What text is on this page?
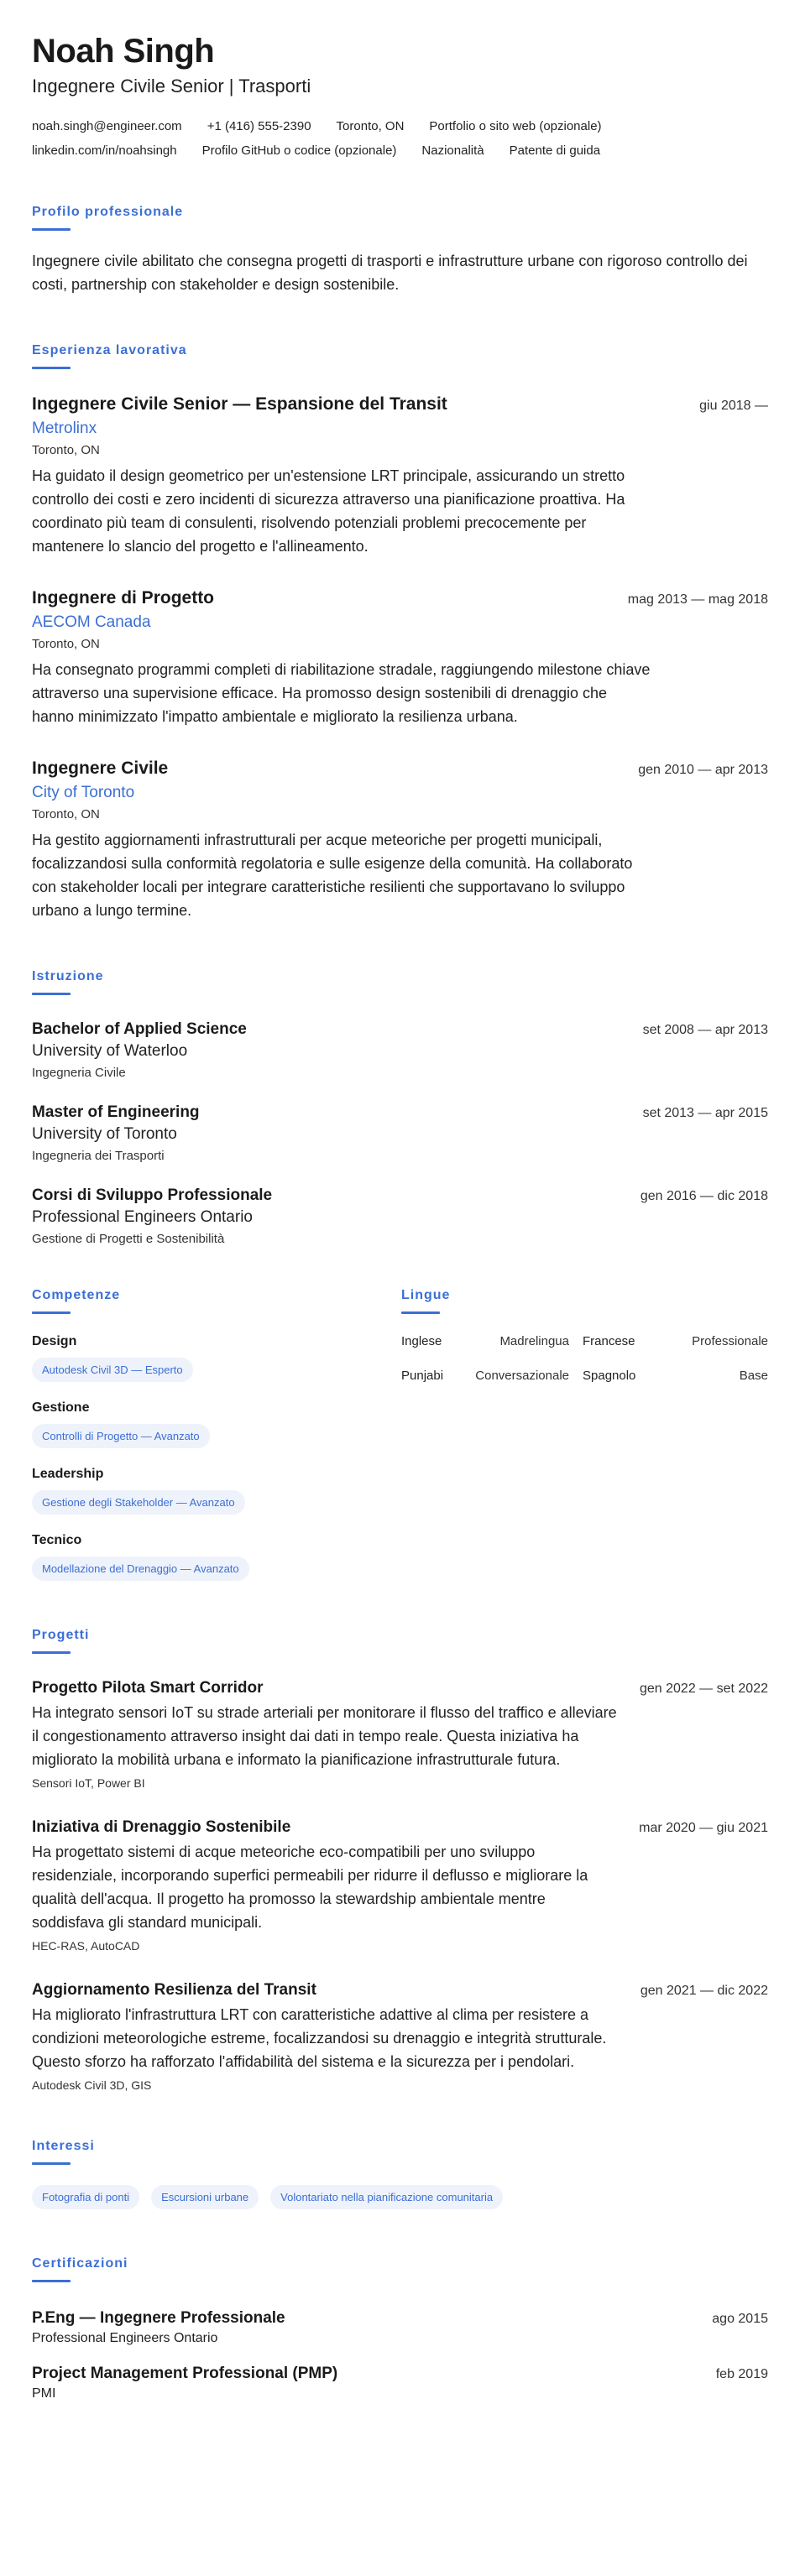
Noah Singh
Ingegnere Civile Senior | Trasporti
noah.singh@engineer.com +1 (416) 555-2390 Toronto, ON Portfolio o sito web (opzionale)
linkedin.com/in/noahsingh Profilo GitHub o codice (opzionale) Nazionalità Patente di guida
Profilo professionale
Ingegnere civile abilitato che consegna progetti di trasporti e infrastrutture urbane con rigoroso controllo dei costi, partnership con stakeholder e design sostenibile.
Esperienza lavorativa
Ingegnere Civile Senior — Espansione del Transit	giu 2018 —
Metrolinx
Toronto, ON
Ha guidato il design geometrico per un'estensione LRT principale, assicurando un stretto controllo dei costi e zero incidenti di sicurezza attraverso una pianificazione proattiva. Ha coordinato più team di consulenti, risolvendo potenziali problemi precocemente per mantenere lo slancio del progetto e l'allineamento.
Ingegnere di Progetto	mag 2013 — mag 2018
AECOM Canada
Toronto, ON
Ha consegnato programmi completi di riabilitazione stradale, raggiungendo milestone chiave attraverso una supervisione efficace. Ha promosso design sostenibili di drenaggio che hanno minimizzato l'impatto ambientale e migliorato la resilienza urbana.
Ingegnere Civile	gen 2010 — apr 2013
City of Toronto
Toronto, ON
Ha gestito aggiornamenti infrastrutturali per acque meteoriche per progetti municipali, focalizzandosi sulla conformità regolatoria e sulle esigenze della comunità. Ha collaborato con stakeholder locali per integrare caratteristiche resilienti che supportavano lo sviluppo urbano a lungo termine.
Istruzione
Bachelor of Applied Science	set 2008 — apr 2013
University of Waterloo
Ingegneria Civile
Master of Engineering	set 2013 — apr 2015
University of Toronto
Ingegneria dei Trasporti
Corsi di Sviluppo Professionale	gen 2016 — dic 2018
Professional Engineers Ontario
Gestione di Progetti e Sostenibilità
Competenze
Design
Autodesk Civil 3D — Esperto
Gestione
Controlli di Progetto — Avanzato
Leadership
Gestione degli Stakeholder — Avanzato
Tecnico
Modellazione del Drenaggio — Avanzato
Lingue
Inglese	Madrelingua	Francese	Professionale
Punjabi	Conversazionale	Spagnolo	Base
Progetti
Progetto Pilota Smart Corridor	gen 2022 — set 2022
Ha integrato sensori IoT su strade arteriali per monitorare il flusso del traffico e alleviare il congestionamento attraverso insight dai dati in tempo reale. Questa iniziativa ha migliorato la mobilità urbana e informato la pianificazione infrastrutturale futura.
Sensori IoT, Power BI
Iniziativa di Drenaggio Sostenibile	mar 2020 — giu 2021
Ha progettato sistemi di acque meteoriche eco-compatibili per uno sviluppo residenziale, incorporando superfici permeabili per ridurre il deflusso e migliorare la qualità dell'acqua. Il progetto ha promosso la stewardship ambientale mentre soddisfava gli standard municipali.
HEC-RAS, AutoCAD
Aggiornamento Resilienza del Transit	gen 2021 — dic 2022
Ha migliorato l'infrastruttura LRT con caratteristiche adattive al clima per resistere a condizioni meteorologiche estreme, focalizzandosi su drenaggio e integrità strutturale. Questo sforzo ha rafforzato l'affidabilità del sistema e la sicurezza per i pendolari.
Autodesk Civil 3D, GIS
Interessi
Fotografia di ponti	Escursioni urbane	Volontariato nella pianificazione comunitaria
Certificazioni
P.Eng — Ingegnere Professionale	ago 2015
Professional Engineers Ontario
Project Management Professional (PMP)	feb 2019
PMI
